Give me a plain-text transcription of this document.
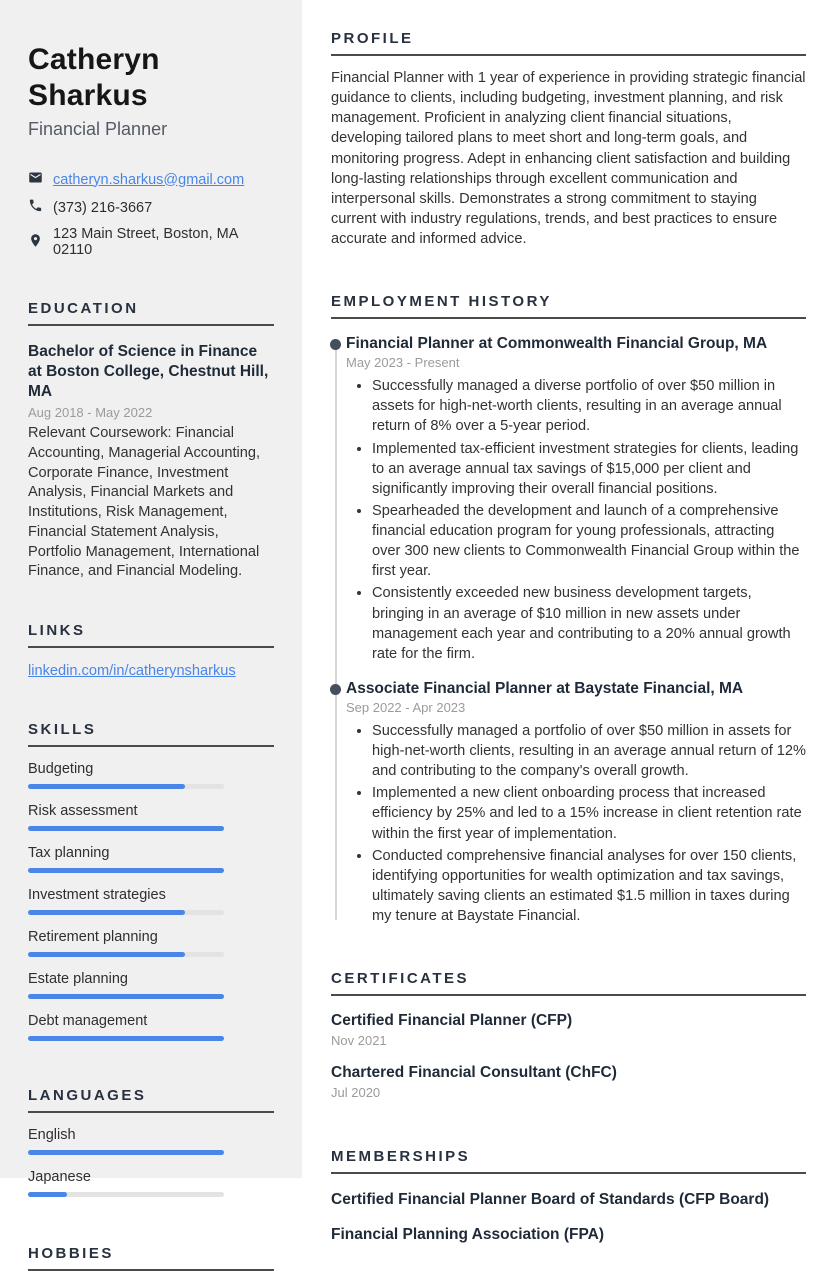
Catheryn Sharkus
Financial Planner
catheryn.sharkus@gmail.com
(373) 216-3667
123 Main Street, Boston, MA 02110
EDUCATION
Bachelor of Science in Finance at Boston College, Chestnut Hill, MA
Aug 2018 - May 2022
Relevant Coursework: Financial Accounting, Managerial Accounting, Corporate Finance, Investment Analysis, Financial Markets and Institutions, Risk Management, Financial Statement Analysis, Portfolio Management, International Finance, and Financial Modeling.
LINKS
linkedin.com/in/catherynsharkus
SKILLS
Budgeting
Risk assessment
Tax planning
Investment strategies
Retirement planning
Estate planning
Debt management
LANGUAGES
English
Japanese
HOBBIES
PROFILE

Financial Planner with 1 year of experience in providing strategic financial guidance to clients, including budgeting, investment planning, and risk management. Proficient in analyzing client financial situations, developing tailored plans to meet short and long-term goals, and monitoring progress. Adept in enhancing client satisfaction and building long-lasting relationships through excellent communication and interpersonal skills. Demonstrates a strong commitment to staying current with industry regulations, trends, and best practices to ensure accurate and informed advice.

EMPLOYMENT HISTORY
Financial Planner at Commonwealth Financial Group, MA
May 2023 - Present
• Successfully managed a diverse portfolio of over $50 million in assets for high-net-worth clients, resulting in an average annual return of 8% over a 5-year period.
• Implemented tax-efficient investment strategies for clients, leading to an average annual tax savings of $15,000 per client and significantly improving their overall financial positions.
• Spearheaded the development and launch of a comprehensive financial education program for young professionals, attracting over 300 new clients to Commonwealth Financial Group within the first year.
• Consistently exceeded new business development targets, bringing in an average of $10 million in new assets under management each year and contributing to a 20% annual growth rate for the firm.
Associate Financial Planner at Baystate Financial, MA
Sep 2022 - Apr 2023
• Successfully managed a portfolio of over $50 million in assets for high-net-worth clients, resulting in an average annual return of 12% and contributing to the company's overall growth.
• Implemented a new client onboarding process that increased efficiency by 25% and led to a 15% increase in client retention rate within the first year of implementation.
• Conducted comprehensive financial analyses for over 150 clients, identifying opportunities for wealth optimization and tax savings, ultimately saving clients an estimated $1.5 million in taxes during my tenure at Baystate Financial.
CERTIFICATES
Certified Financial Planner (CFP)
Nov 2021
Chartered Financial Consultant (ChFC)
Jul 2020
MEMBERSHIPS
Certified Financial Planner Board of Standards (CFP Board)
Financial Planning Association (FPA)
